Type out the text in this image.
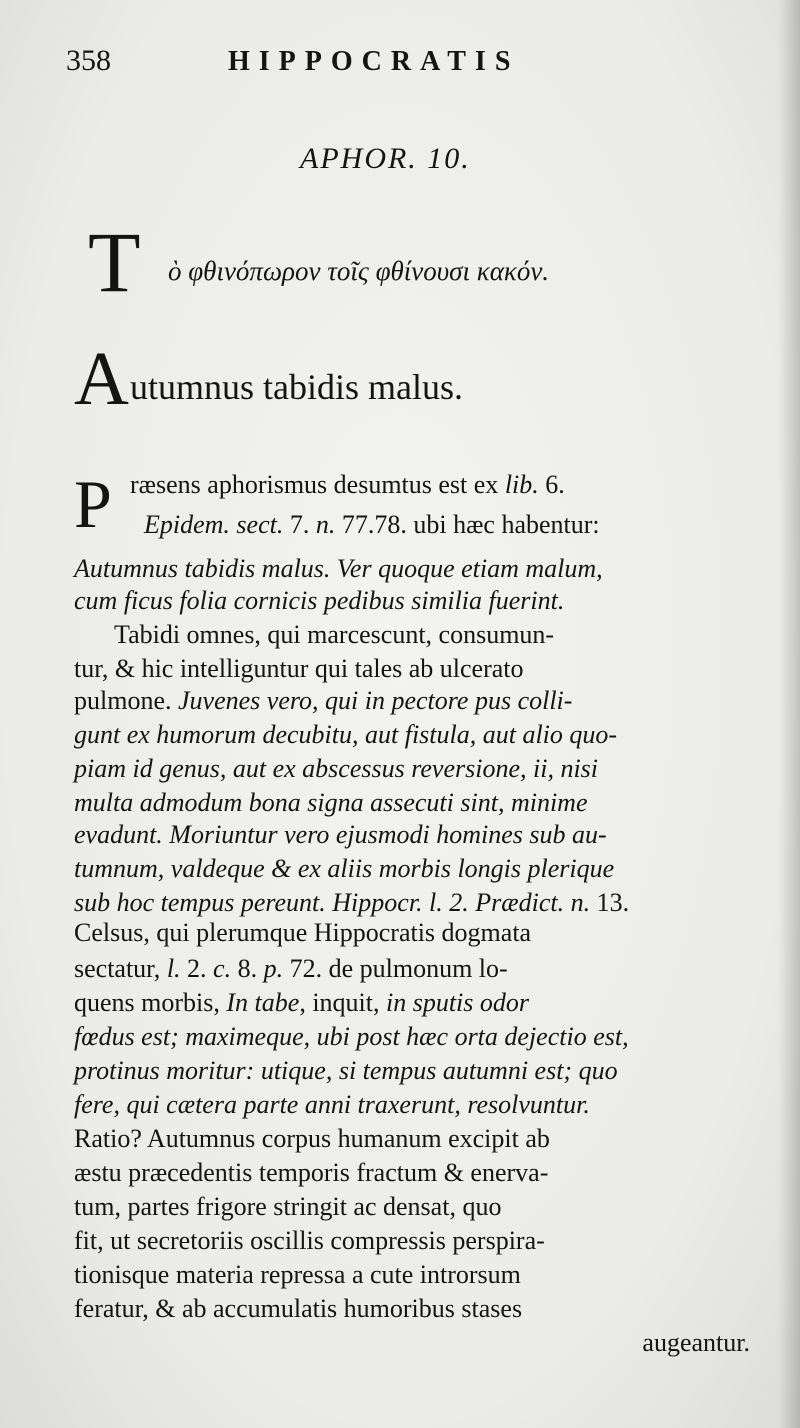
358	HIPPOCRATIS
APHOR. 10.
T ὸ φθινόπωρον τοῖς φθίνουσι κακόν.
A utumnus tabidis malus.
P ræsens aphorismus desumtus est ex lib. 6.
Epidem. sect. 7. n. 77.78. ubi hæc habentur:
Autumnus tabidis malus. Ver quoque etiam malum,
cum ficus folia cornicis pedibus similia fuerint.
Tabidi omnes, qui marcescunt, consumun-
tur, & hic intelliguntur qui tales ab ulcerato
pulmone. Juvenes vero, qui in pectore pus colli-
gunt ex humorum decubitu, aut fistula, aut alio quo-
piam id genus, aut ex abscessus reversione, ii, nisi
multa admodum bona signa assecuti sint, minime
evadunt. Moriuntur vero ejusmodi homines sub au-
tumnum, valdeque & ex aliis morbis longis plerique
sub hoc tempus pereunt. Hippocr. l. 2. Prædict. n. 13.
Celsus, qui plerumque Hippocratis dogmata
sectatur, l. 2. c. 8. p. 72. de pulmonum lo-
quens morbis, In tabe, inquit, in sputis odor
fœdus est; maximeque, ubi post hæc orta dejectio est,
protinus moritur: utique, si tempus autumni est; quo
fere, qui cætera parte anni traxerunt, resolvuntur.
Ratio? Autumnus corpus humanum excipit ab
æstu præcedentis temporis fractum & enerva-
tum, partes frigore stringit ac densat, quo
fit, ut secretoriis oscillis compressis perspira-
tionisque materia repressa a cute introrsum
feratur, & ab accumulatis humoribus stases
augeantur.
